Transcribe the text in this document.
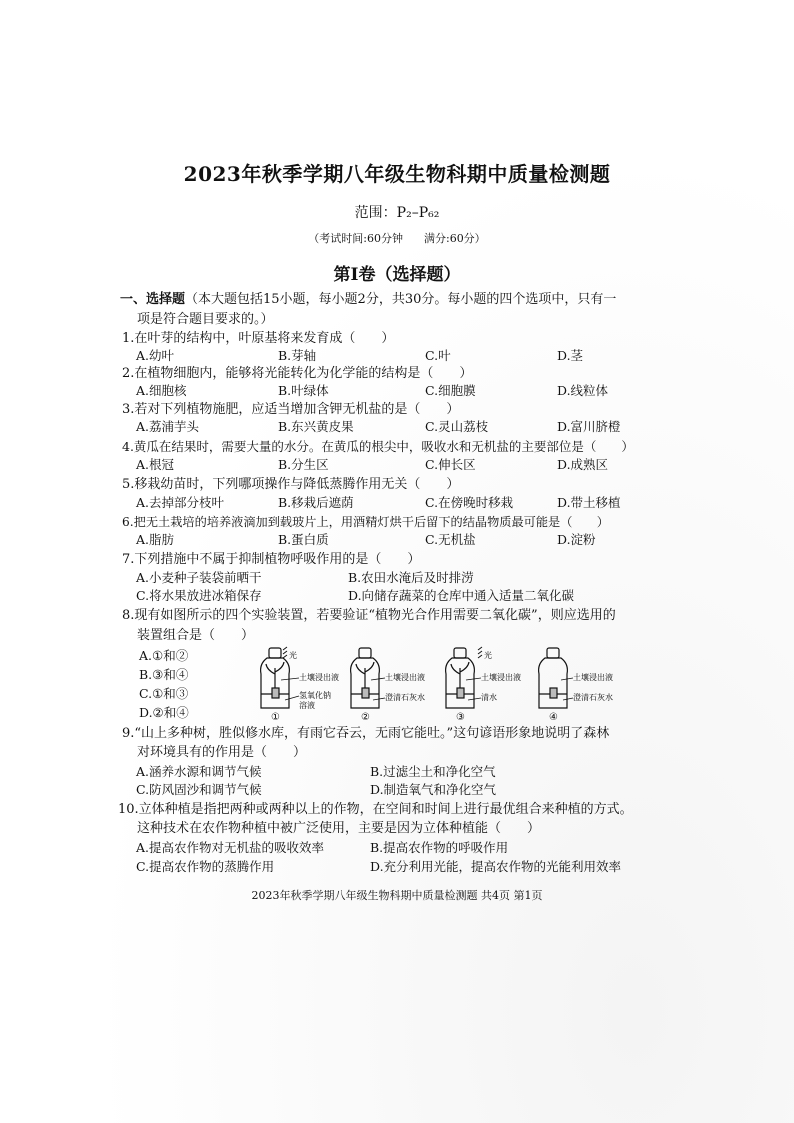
2023年秋季学期八年级生物科期中质量检测题
范围：P₂–P₆₂
（考试时间:60分钟 满分:60分）
第Ⅰ卷（选择题）
一、选择题（本大题包括15小题，每小题2分，共30分。每小题的四个选项中，只有一
项是符合题目要求的。）
1.在叶芽的结构中，叶原基将来发育成（　　）
A.幼叶	B.芽轴	C.叶	D.茎
2.在植物细胞内，能够将光能转化为化学能的结构是（　　）
A.细胞核	B.叶绿体	C.细胞膜	D.线粒体
3.若对下列植物施肥，应适当增加含钾无机盐的是（　　）
A.荔浦芋头	B.东兴黄皮果	C.灵山荔枝	D.富川脐橙
4.黄瓜在结果时，需要大量的水分。在黄瓜的根尖中，吸收水和无机盐的主要部位是（　　）
A.根冠	B.分生区	C.伸长区	D.成熟区
5.移栽幼苗时，下列哪项操作与降低蒸腾作用无关（　　）
A.去掉部分枝叶	B.移栽后遮荫	C.在傍晚时移栽	D.带土移植
6.把无土栽培的培养液滴加到载玻片上，用酒精灯烘干后留下的结晶物质最可能是（　　）
A.脂肪	B.蛋白质	C.无机盐	D.淀粉
7.下列措施中不属于抑制植物呼吸作用的是（　　）
A.小麦种子装袋前晒干	B.农田水淹后及时排涝
C.将水果放进冰箱保存	D.向储存蔬菜的仓库中通入适量二氧化碳
8.现有如图所示的四个实验装置，若要验证“植物光合作用需要二氧化碳”，则应选用的
装置组合是（　　）
A.①和②
B.③和④
C.①和③
D.②和④
光
土壤浸出液
氢氧化钠
溶液
土壤浸出液
澄清石灰水
光
土壤浸出液
清水
土壤浸出液
澄清石灰水
①	②	③	④
9.“山上多种树，胜似修水库，有雨它吞云，无雨它能吐。”这句谚语形象地说明了森林
对环境具有的作用是（　　）
A.涵养水源和调节气候	B.过滤尘土和净化空气
C.防风固沙和调节气候	D.制造氧气和净化空气
10.立体种植是指把两种或两种以上的作物，在空间和时间上进行最优组合来种植的方式。
这种技术在农作物种植中被广泛使用，主要是因为立体种植能（　　）
A.提高农作物对无机盐的吸收效率	B.提高农作物的呼吸作用
C.提高农作物的蒸腾作用	D.充分利用光能，提高农作物的光能利用效率
2023年秋季学期八年级生物科期中质量检测题 共4页 第1页
